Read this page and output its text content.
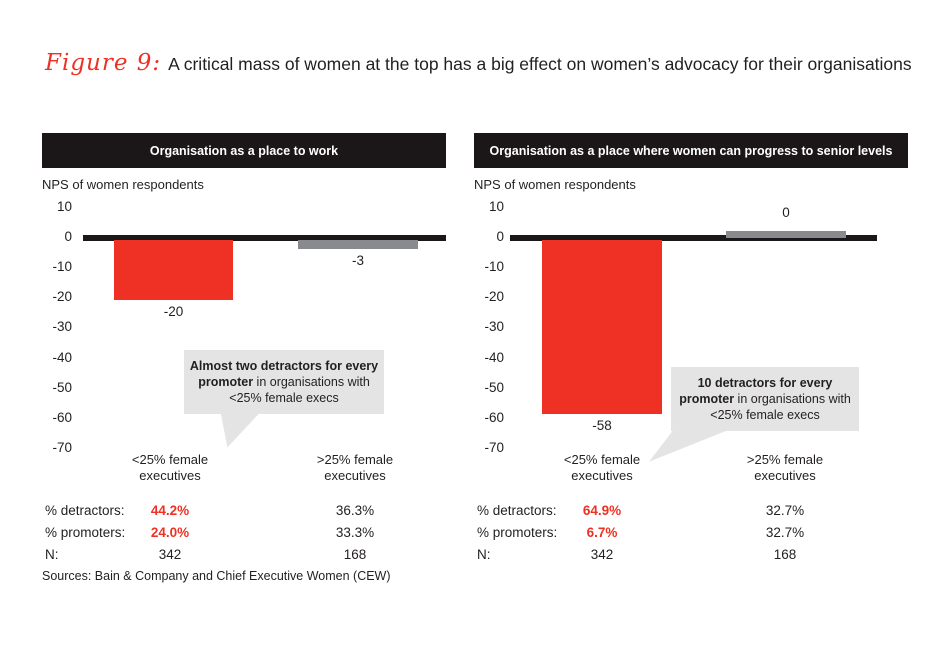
Figure 9: A critical mass of women at the top has a big effect on women’s advocacy for their organisations
Organisation as a place to work	Organisation as a place where women can progress to senior levels
NPS of women respondents	NPS of women respondents
10
0
-10
-20
-30
-40
-50
-60
-70
-20
-3
10
0
-10
-20
-30
-40
-50
-60
-70
-58
0
Almost two detractors for every promoter in organisations with <25% female execs
10 detractors for every promoter in organisations with <25% female execs
<25% female executives
>25% female executives
<25% female executives
>25% female executives
% detractors:
% promoters:
N:
44.2%
24.0%
342
36.3%
33.3%
168
% detractors:
% promoters:
N:
64.9%
6.7%
342
32.7%
32.7%
168
Sources: Bain & Company and Chief Executive Women (CEW)
